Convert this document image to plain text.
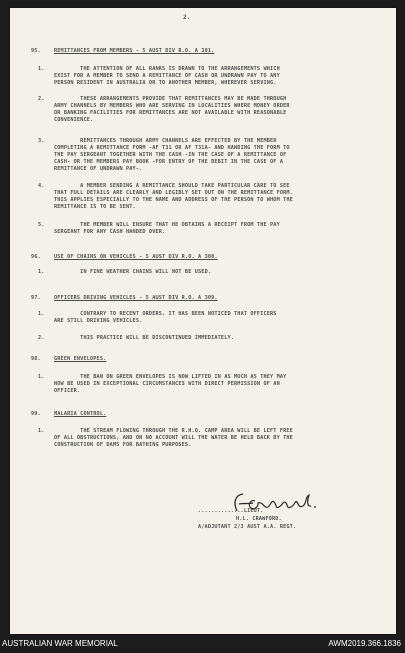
2.
95.	REMITTANCES FROM MEMBERS - 5 AUST DIV R.O. A 301.
1. THE ATTENTION OF ALL RANKS IS DRAWN TO THE ARRANGEMENTS WHICH
EXIST FOR A MEMBER TO SEND A REMITTANCE OF CASH OR UNDRAWN PAY TO ANY
PERSON RESIDENT IN AUSTRALIA OR TO ANOTHER MEMBER, WHEREVER SERVING.
2. THESE ARRANGEMENTS PROVIDE THAT REMITTANCES MAY BE MADE THROUGH
ARMY CHANNELS BY MEMBERS WHO ARE SERVING IN LOCALITIES WHERE MONEY ORDER
OR BANKING FACILITIES FOR REMITTANCES ARE NOT AVAILABLE WITH REASONABLE
CONVENIENCE.
3. REMITTANCES THROUGH ARMY CHANNELS ARE EFFECTED BY THE MEMBER
COMPLETING A REMITTANCE FORM -AF T31 OR AF T31A- AND HANDING THE FORM TO
THE PAY SERGEANT TOGETHER WITH THE CASH -IN THE CASE OF A REMITTANCE OF
CASH- OR THE MEMBERS PAY BOOK -FOR ENTRY OF THE DEBIT IN THE CASE OF A
REMITTANCE OF UNDRAWN PAY-.
4. A MEMBER SENDING A REMITTANCE SHOULD TAKE PARTICULAR CARE TO SEE
THAT FULL DETAILS ARE CLEARLY AND LEGIBLY SET OUT ON THE REMITTANCE FORM.
THIS APPLIES ESPECIALLY TO THE NAME AND ADDRESS OF THE PERSON TO WHOM THE
REMITTANCE IS TO BE SENT.
5. THE MEMBER WILL ENSURE THAT HE OBTAINS A RECEIPT FROM THE PAY
SERGEANT FOR ANY CASH HANDED OVER.
96.	USE OF CHAINS ON VEHICLES - 5 AUST DIV R.O. A 308.
1. IN FINE WEATHER CHAINS WILL NOT BE USED.
97.	OFFICERS DRIVING VEHICLES - 5 AUST DIV R.O. A 309.
1. CONTRARY TO RECENT ORDERS, IT HAS BEEN NOTICED THAT OFFICERS
ARE STILL DRIVING VEHICLES.
2. THIS PRACTICE WILL BE DISCONTINUED IMMEDIATELY.
98.	GREEN ENVELOPES.
1. THE BAN ON GREEN ENVELOPES IS NOW LIFTED IN AS MUCH AS THEY MAY
NOW BE USED IN EXCEPTIONAL CIRCUMSTANCES WITH DIRECT PERMISSION OF AN
OFFICER.
99.	MALARIA CONTROL.
1. THE STREAM FLOWING THROUGH THE R.H.Q. CAMP AREA WILL BE LEFT FREE
OF ALL OBSTRUCTIONS, AND ON NO ACCOUNT WILL THE WATER BE HELD BACK BY THE
CONSTRUCTION OF DAMS FOR BATHING PURPOSES.
..............LIEUT.
H.L. CRAWFORD.
A/ADJUTANT 2/3 AUST A.A. REGT.
AUSTRALIAN WAR MEMORIAL	AWM2019.366.1836
